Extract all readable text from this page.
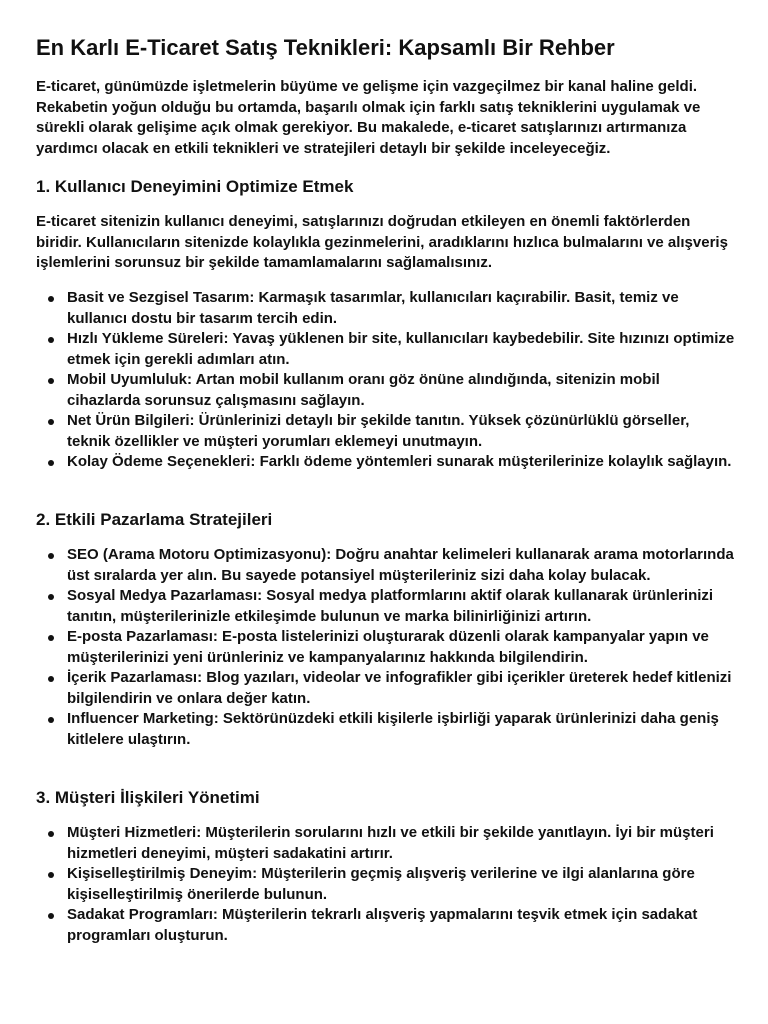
En Karlı E-Ticaret Satış Teknikleri: Kapsamlı Bir Rehber

E-ticaret, günümüzde işletmelerin büyüme ve gelişme için vazgeçilmez bir kanal haline geldi. Rekabetin yoğun olduğu bu ortamda, başarılı olmak için farklı satış tekniklerini uygulamak ve sürekli olarak gelişime açık olmak gerekiyor. Bu makalede, e-ticaret satışlarınızı artırmanıza yardımcı olacak en etkili teknikleri ve stratejileri detaylı bir şekilde inceleyeceğiz.

1. Kullanıcı Deneyimini Optimize Etmek

E-ticaret sitenizin kullanıcı deneyimi, satışlarınızı doğrudan etkileyen en önemli faktörlerden biridir. Kullanıcıların sitenizde kolaylıkla gezinmelerini, aradıklarını hızlıca bulmalarını ve alışveriş işlemlerini sorunsuz bir şekilde tamamlamalarını sağlamalısınız.

Basit ve Sezgisel Tasarım: Karmaşık tasarımlar, kullanıcıları kaçırabilir. Basit, temiz ve kullanıcı dostu bir tasarım tercih edin.
Hızlı Yükleme Süreleri: Yavaş yüklenen bir site, kullanıcıları kaybedebilir. Site hızınızı optimize etmek için gerekli adımları atın.
Mobil Uyumluluk: Artan mobil kullanım oranı göz önüne alındığında, sitenizin mobil cihazlarda sorunsuz çalışmasını sağlayın.
Net Ürün Bilgileri: Ürünlerinizi detaylı bir şekilde tanıtın. Yüksek çözünürlüklü görseller, teknik özellikler ve müşteri yorumları eklemeyi unutmayın.
Kolay Ödeme Seçenekleri: Farklı ödeme yöntemleri sunarak müşterilerinize kolaylık sağlayın.
2. Etkili Pazarlama Stratejileri
SEO (Arama Motoru Optimizasyonu): Doğru anahtar kelimeleri kullanarak arama motorlarında üst sıralarda yer alın. Bu sayede potansiyel müşterileriniz sizi daha kolay bulacak.
Sosyal Medya Pazarlaması: Sosyal medya platformlarını aktif olarak kullanarak ürünlerinizi tanıtın, müşterilerinizle etkileşimde bulunun ve marka bilinirliğinizi artırın.
E-posta Pazarlaması: E-posta listelerinizi oluşturarak düzenli olarak kampanyalar yapın ve müşterilerinizi yeni ürünleriniz ve kampanyalarınız hakkında bilgilendirin.
İçerik Pazarlaması: Blog yazıları, videolar ve infografikler gibi içerikler üreterek hedef kitlenizi bilgilendirin ve onlara değer katın.
Influencer Marketing: Sektörünüzdeki etkili kişilerle işbirliği yaparak ürünlerinizi daha geniş kitlelere ulaştırın.
3. Müşteri İlişkileri Yönetimi
Müşteri Hizmetleri: Müşterilerin sorularını hızlı ve etkili bir şekilde yanıtlayın. İyi bir müşteri hizmetleri deneyimi, müşteri sadakatini artırır.
Kişiselleştirilmiş Deneyim: Müşterilerin geçmiş alışveriş verilerine ve ilgi alanlarına göre kişiselleştirilmiş önerilerde bulunun.
Sadakat Programları: Müşterilerin tekrarlı alışveriş yapmalarını teşvik etmek için sadakat programları oluşturun.
